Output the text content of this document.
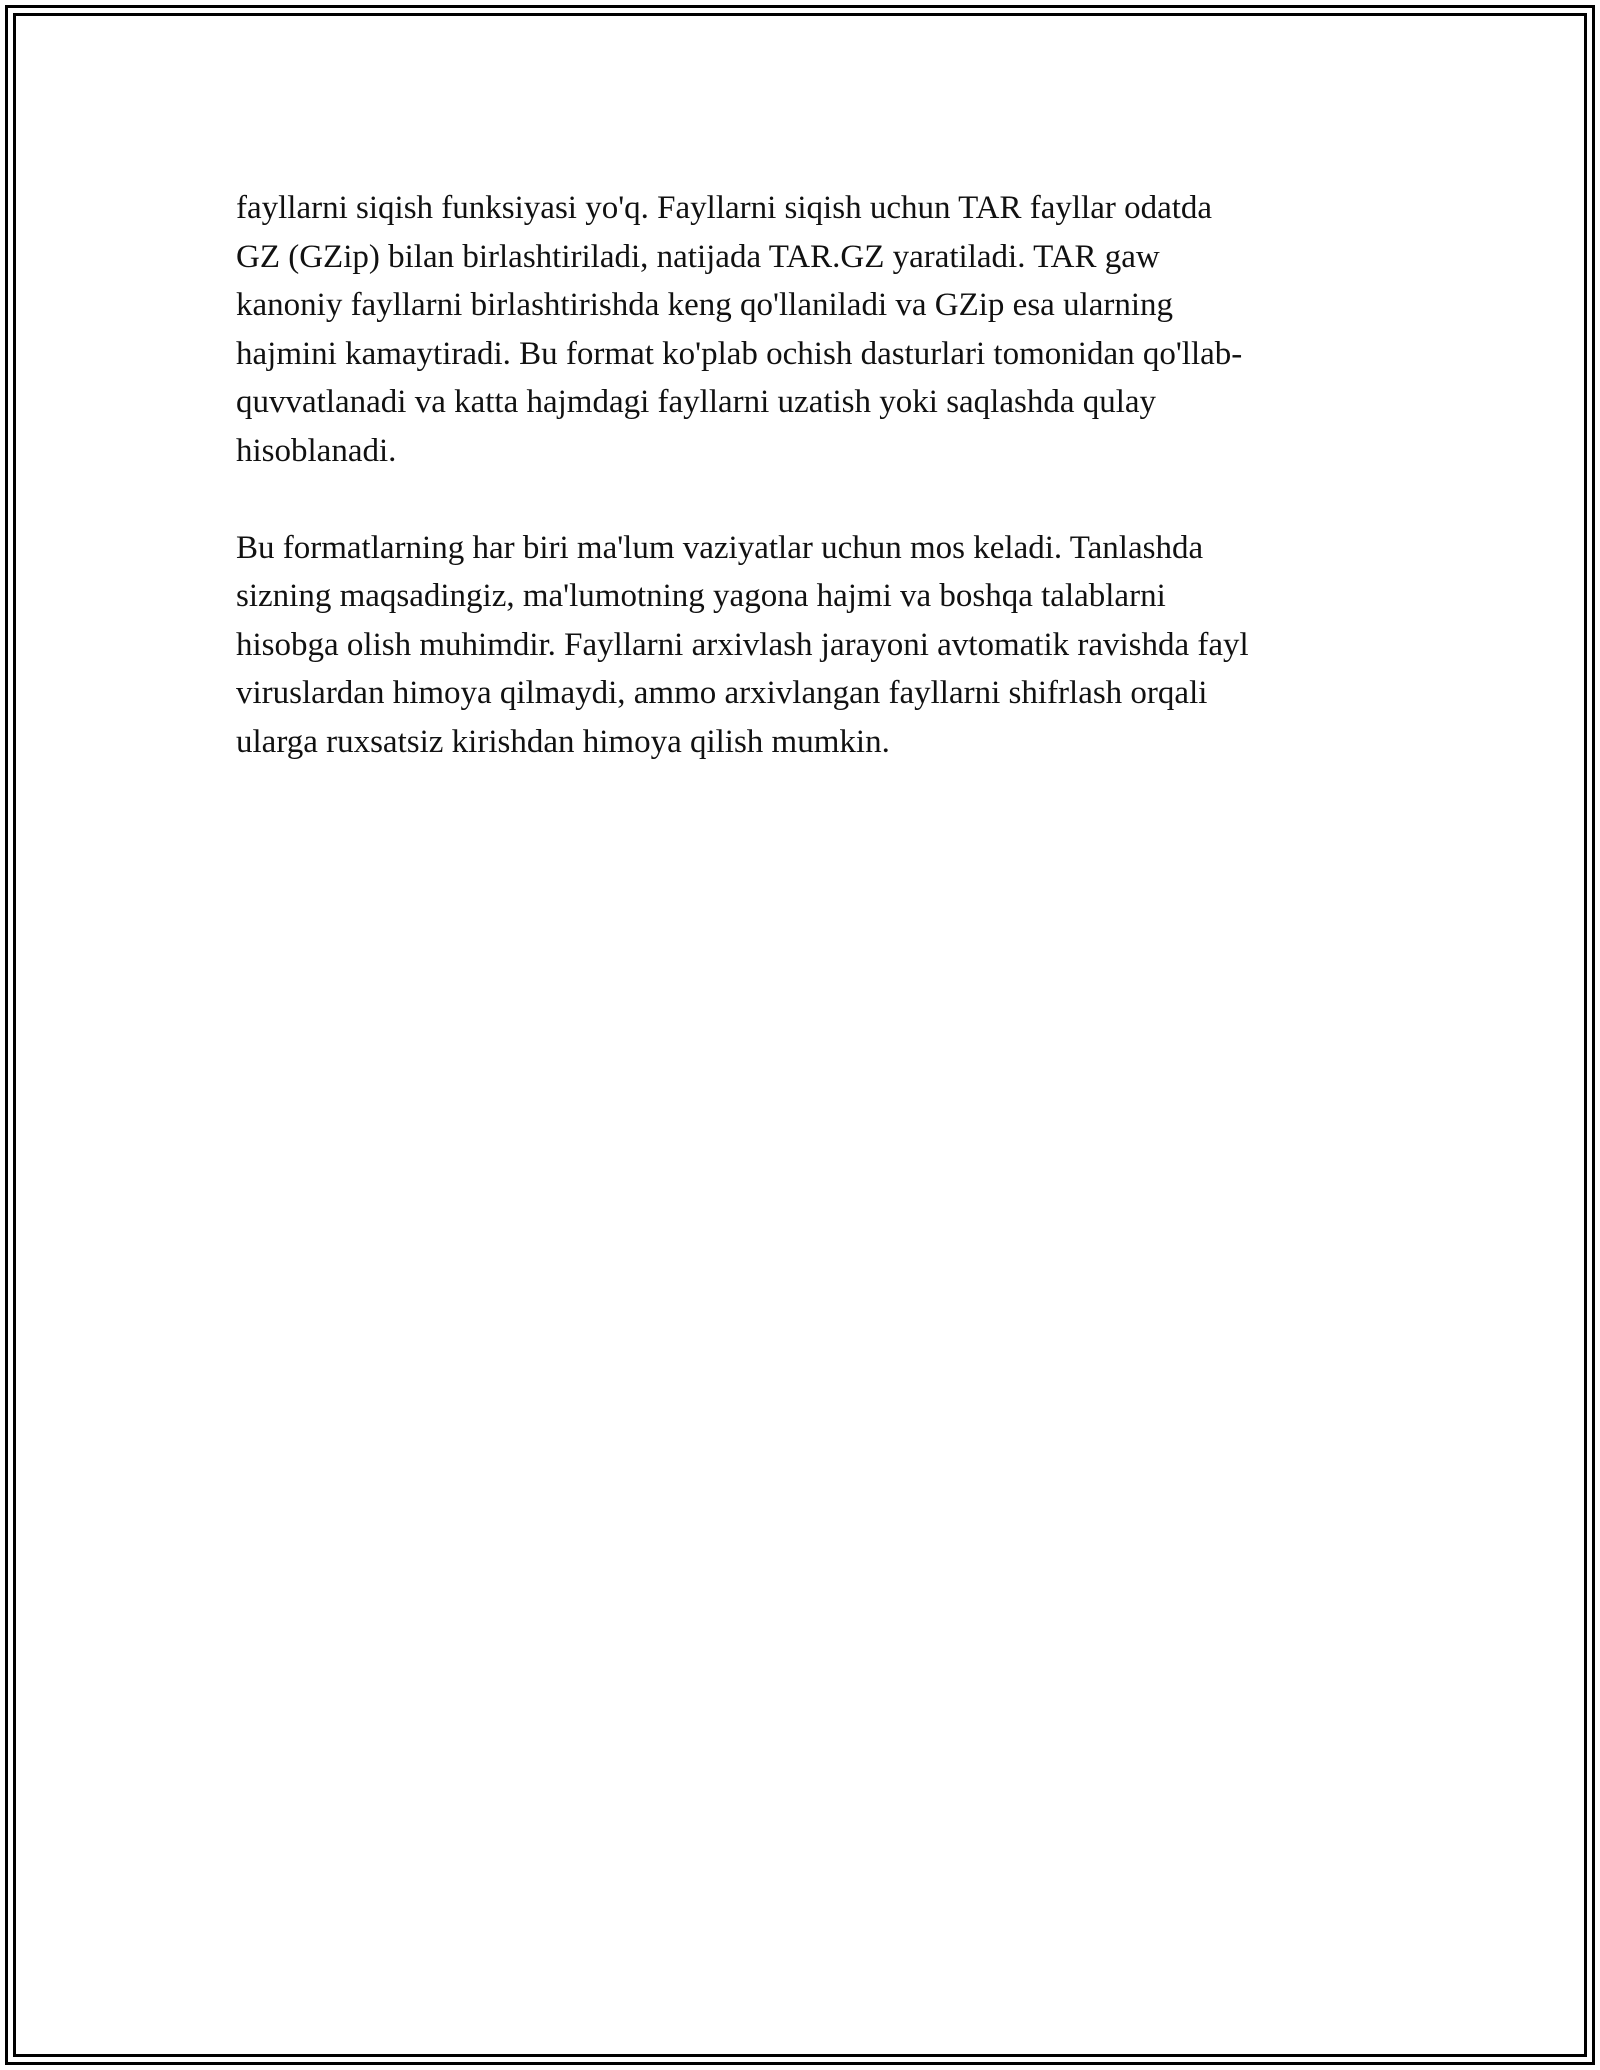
fayllarni siqish funksiyasi yo'q. Fayllarni siqish uchun TAR fayllar odatda
GZ (GZip) bilan birlashtiriladi, natijada TAR.GZ yaratiladi. TAR gaw
kanoniy fayllarni birlashtirishda keng qo'llaniladi va GZip esa ularning
hajmini kamaytiradi. Bu format ko'plab ochish dasturlari tomonidan qo'llab-
quvvatlanadi va katta hajmdagi fayllarni uzatish yoki saqlashda qulay
hisoblanadi.

Bu formatlarning har biri ma'lum vaziyatlar uchun mos keladi. Tanlashda
sizning maqsadingiz, ma'lumotning yagona hajmi va boshqa talablarni
hisobga olish muhimdir. Fayllarni arxivlash jarayoni avtomatik ravishda fayl
viruslardan himoya qilmaydi, ammo arxivlangan fayllarni shifrlash orqali
ularga ruxsatsiz kirishdan himoya qilish mumkin.
